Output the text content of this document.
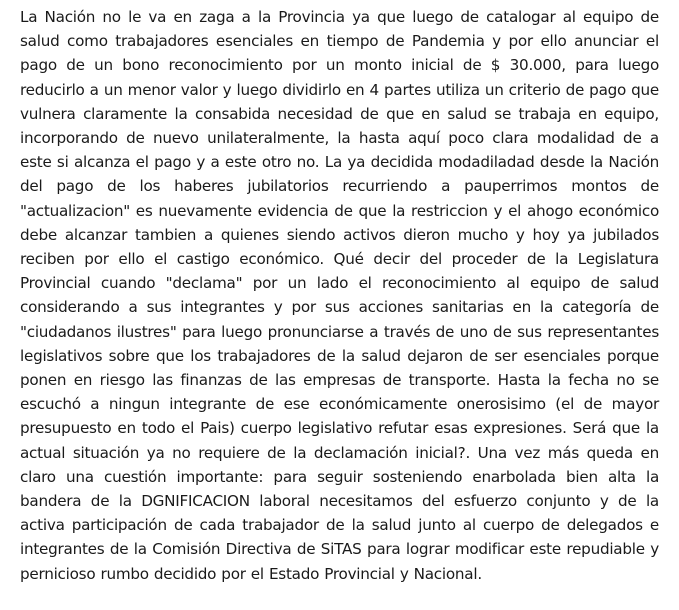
La Nación no le va en zaga a la Provincia ya que luego de catalogar al equipo de salud como trabajadores esenciales en tiempo de Pandemia y por ello anunciar el pago de un bono reconocimiento por un monto inicial de $ 30.000, para luego reducirlo a un menor valor y luego dividirlo en 4 partes utiliza un criterio de pago que vulnera claramente la consabida necesidad de que en salud se trabaja en equipo, incorporando de nuevo unilateralmente, la hasta aquí poco clara modalidad de a este si alcanza el pago y a este otro no. La ya decidida modadiladad desde la Nación del pago de los haberes jubilatorios recurriendo a pauperrimos montos de "actualizacion" es nuevamente evidencia de que la restriccion y el ahogo económico debe alcanzar tambien a quienes siendo activos dieron mucho y hoy ya jubilados reciben por ello el castigo económico. Qué decir del proceder de la Legislatura Provincial cuando "declama" por un lado el reconocimiento al equipo de salud considerando a sus integrantes y por sus acciones sanitarias en la categoría de "ciudadanos ilustres" para luego pronunciarse a través de uno de sus representantes legislativos sobre que los trabajadores de la salud dejaron de ser esenciales porque ponen en riesgo las finanzas de las empresas de transporte. Hasta la fecha no se escuchó a ningun integrante de ese económicamente onerosisimo (el de mayor presupuesto en todo el Pais) cuerpo legislativo refutar esas expresiones. Será que la actual situación ya no requiere de la declamación inicial?. Una vez más queda en claro una cuestión importante: para seguir sosteniendo enarbolada bien alta la bandera de la DGNIFICACION laboral necesitamos del esfuerzo conjunto y de la activa participación de cada trabajador de la salud junto al cuerpo de delegados e integrantes de la Comisión Directiva de SiTAS para lograr modificar este repudiable y pernicioso rumbo decidido por el Estado Provincial y Nacional.
